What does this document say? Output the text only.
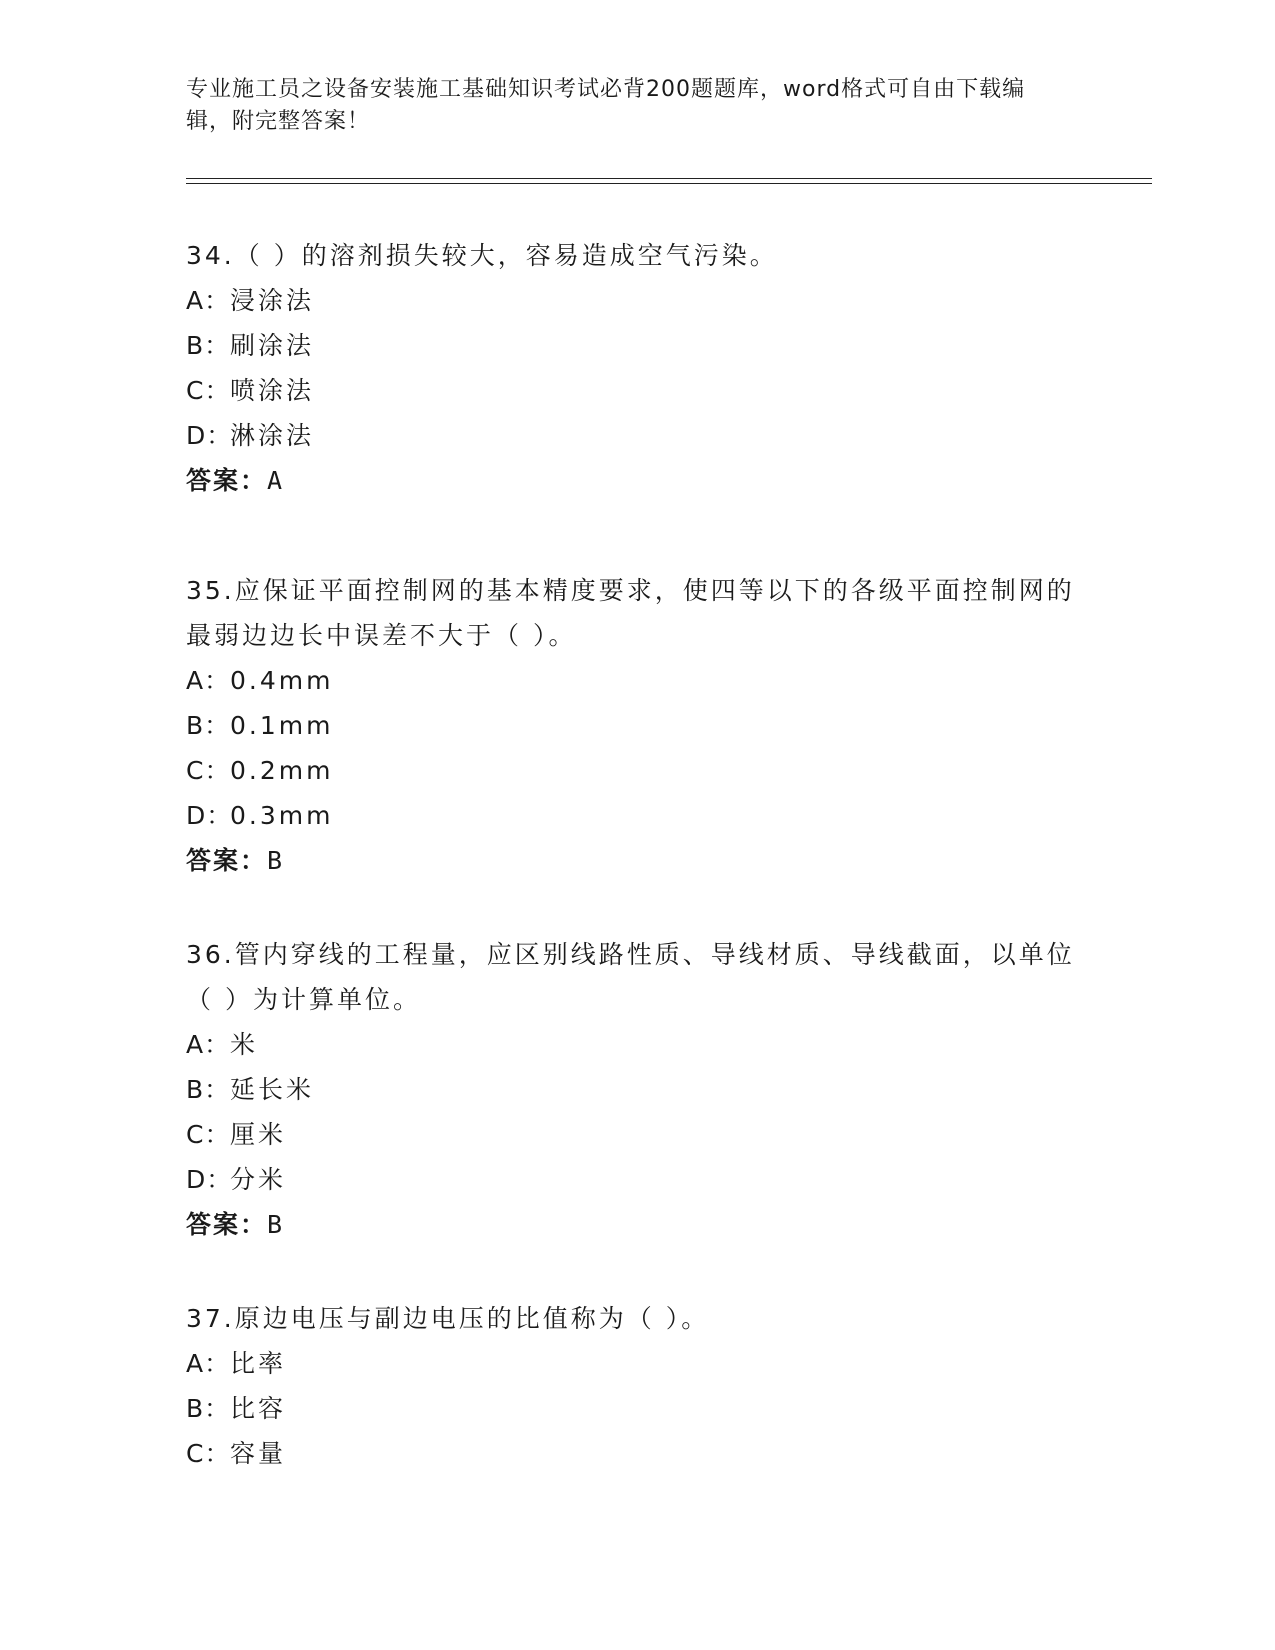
专业施工员之设备安装施工基础知识考试必背200题题库，word格式可自由下载编辑，附完整答案！

34.（ ）的溶剂损失较大，容易造成空气污染。

A：浸涂法

B：刷涂法

C：喷涂法

D：淋涂法

答案：A

35.应保证平面控制网的基本精度要求，使四等以下的各级平面控制网的最弱边边长中误差不大于（ ）。

A：0.4mm

B：0.1mm

C：0.2mm

D：0.3mm

答案：B

36.管内穿线的工程量，应区别线路性质、导线材质、导线截面，以单位（ ）为计算单位。

A：米

B：延长米

C：厘米

D：分米

答案：B

37.原边电压与副边电压的比值称为（ ）。

A：比率

B：比容

C：容量
